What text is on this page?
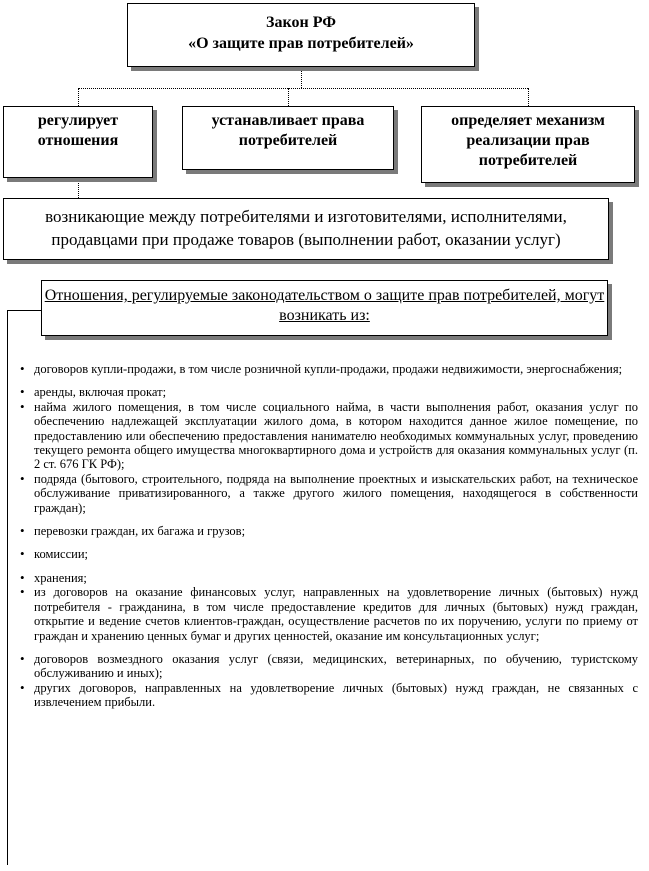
Закон РФ
«О защите прав потребителей»
регулирует отношения
устанавливает права потребителей
определяет механизм реализации прав потребителей
возникающие между потребителями и изготовителями, исполнителями, продавцами при продаже товаров (выполнении работ, оказании услуг)
Отношения, регулируемые законодательством о защите прав потребителей, могут возникать из:
• договоров купли-продажи, в том числе розничной купли-продажи, продажи недвижимости, энергоснабжения;
• аренды, включая прокат;
• найма жилого помещения, в том числе социального найма, в части выполнения работ, оказания услуг по обеспечению надлежащей эксплуатации жилого дома, в котором находится данное жилое помещение, по предоставлению или обеспечению предоставления нанимателю необходимых коммунальных услуг, проведению текущего ремонта общего имущества многоквартирного дома и устройств для оказания коммунальных услуг (п. 2 ст. 676 ГК РФ);
• подряда (бытового, строительного, подряда на выполнение проектных и изыскательских работ, на техническое обслуживание приватизированного, а также другого жилого помещения, находящегося в собственности граждан);
• перевозки граждан, их багажа и грузов;
• комиссии;
• хранения;
• из договоров на оказание финансовых услуг, направленных на удовлетворение личных (бытовых) нужд потребителя - гражданина, в том числе предоставление кредитов для личных (бытовых) нужд граждан, открытие и ведение счетов клиентов-граждан, осуществление расчетов по их поручению, услуги по приему от граждан и хранению ценных бумаг и других ценностей, оказание им консультационных услуг;
• договоров возмездного оказания услуг (связи, медицинских, ветеринарных, по обучению, туристскому обслуживанию и иных);
• других договоров, направленных на удовлетворение личных (бытовых) нужд граждан, не связанных с извлечением прибыли.
